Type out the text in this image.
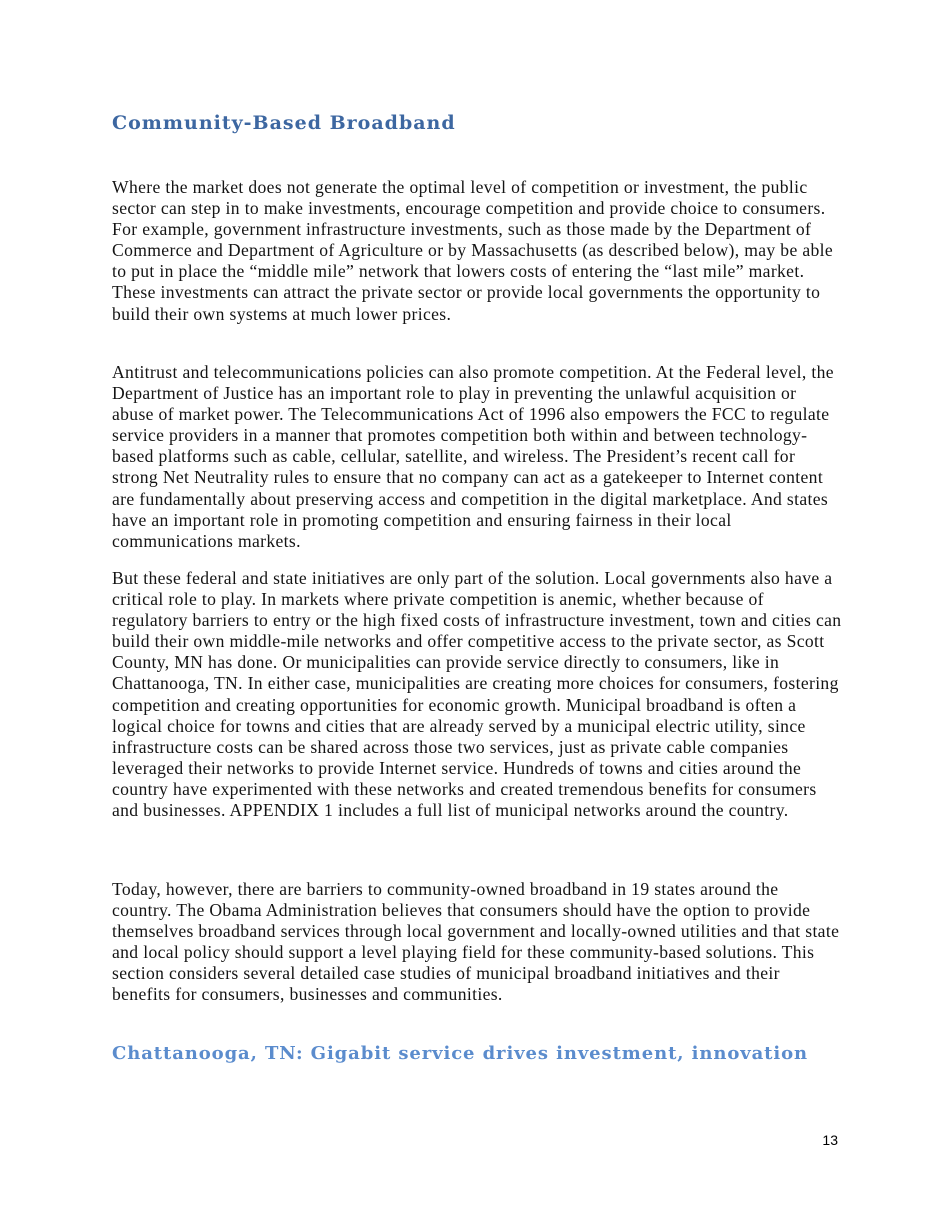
Community-Based Broadband

Where the market does not generate the optimal level of competition or investment, the public sector can step in to make investments, encourage competition and provide choice to consumers. For example, government infrastructure investments, such as those made by the Department of Commerce and Department of Agriculture or by Massachusetts (as described below), may be able to put in place the “middle mile” network that lowers costs of entering the “last mile” market. These investments can attract the private sector or provide local governments the opportunity to build their own systems at much lower prices.

Antitrust and telecommunications policies can also promote competition. At the Federal level, the Department of Justice has an important role to play in preventing the unlawful acquisition or abuse of market power. The Telecommunications Act of 1996 also empowers the FCC to regulate service providers in a manner that promotes competition both within and between technology-based platforms such as cable, cellular, satellite, and wireless. The President’s recent call for strong Net Neutrality rules to ensure that no company can act as a gatekeeper to Internet content are fundamentally about preserving access and competition in the digital marketplace. And states have an important role in promoting competition and ensuring fairness in their local communications markets.

But these federal and state initiatives are only part of the solution. Local governments also have a critical role to play. In markets where private competition is anemic, whether because of regulatory barriers to entry or the high fixed costs of infrastructure investment, town and cities can build their own middle-mile networks and offer competitive access to the private sector, as Scott County, MN has done. Or municipalities can provide service directly to consumers, like in Chattanooga, TN. In either case, municipalities are creating more choices for consumers, fostering competition and creating opportunities for economic growth. Municipal broadband is often a logical choice for towns and cities that are already served by a municipal electric utility, since infrastructure costs can be shared across those two services, just as private cable companies leveraged their networks to provide Internet service. Hundreds of towns and cities around the country have experimented with these networks and created tremendous benefits for consumers and businesses. APPENDIX 1 includes a full list of municipal networks around the country.

Today, however, there are barriers to community-owned broadband in 19 states around the country. The Obama Administration believes that consumers should have the option to provide themselves broadband services through local government and locally-owned utilities and that state and local policy should support a level playing field for these community-based solutions. This section considers several detailed case studies of municipal broadband initiatives and their benefits for consumers, businesses and communities.

Chattanooga, TN: Gigabit service drives investment, innovation
13
